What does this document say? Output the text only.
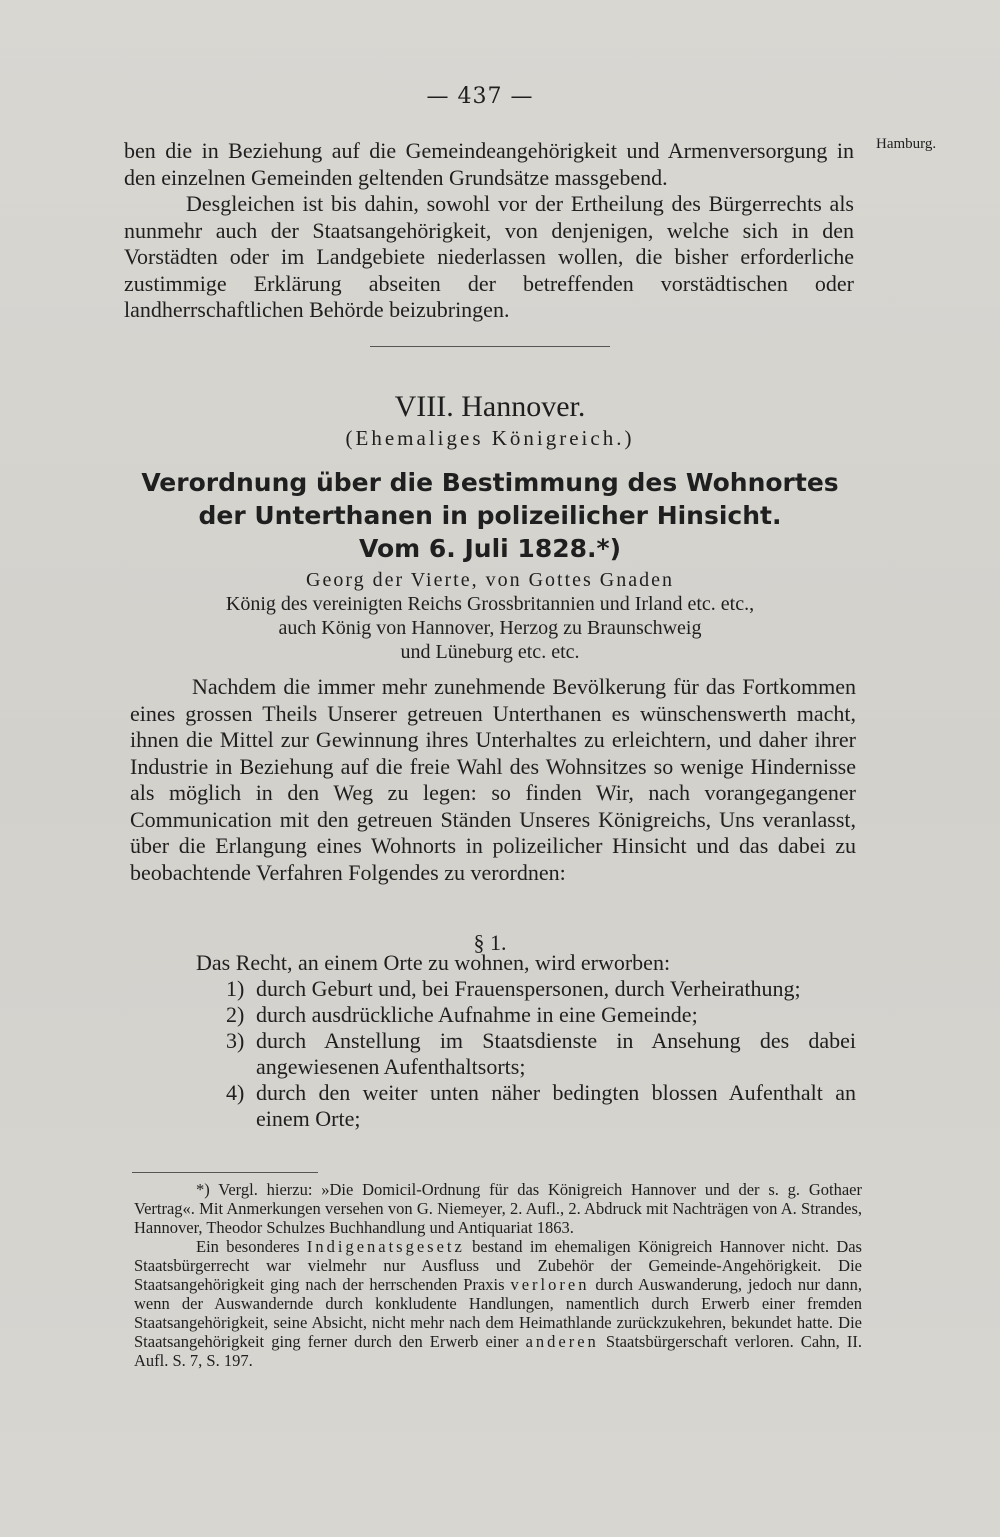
— 437 —
Hamburg.

ben die in Beziehung auf die Gemeindeangehörigkeit und Armenversorgung in den einzelnen Gemeinden geltenden Grundsätze massgebend.

Desgleichen ist bis dahin, sowohl vor der Ertheilung des Bürgerrechts als nunmehr auch der Staatsangehörigkeit, von denjenigen, welche sich in den Vorstädten oder im Landgebiete niederlassen wollen, die bisher erforderliche zustimmige Erklärung abseiten der betreffenden vorstädtischen oder landherrschaftlichen Behörde beizubringen.

VIII. Hannover.
(Ehemaliges Königreich.)
Verordnung über die Bestimmung des Wohnortes
der Unterthanen in polizeilicher Hinsicht.
Vom 6. Juli 1828.*)
Georg der Vierte, von Gottes Gnaden
König des vereinigten Reichs Grossbritannien und Irland etc. etc.,
auch König von Hannover, Herzog zu Braunschweig
und Lüneburg etc. etc.

Nachdem die immer mehr zunehmende Bevölkerung für das Fortkommen eines grossen Theils Unserer getreuen Unterthanen es wünschenswerth macht, ihnen die Mittel zur Gewinnung ihres Unterhaltes zu erleichtern, und daher ihrer Industrie in Beziehung auf die freie Wahl des Wohnsitzes so wenige Hindernisse als möglich in den Weg zu legen: so finden Wir, nach vorangegangener Communication mit den getreuen Ständen Unseres Königreichs, Uns veranlasst, über die Erlangung eines Wohnorts in polizeilicher Hinsicht und das dabei zu beobachtende Verfahren Folgendes zu verordnen:

§ 1.
Das Recht, an einem Orte zu wohnen, wird erworben:
1) durch Geburt und, bei Frauenspersonen, durch Verheirathung;
2) durch ausdrückliche Aufnahme in eine Gemeinde;
3) durch Anstellung im Staatsdienste in Ansehung des dabei angewiesenen Aufenthaltsorts;
4) durch den weiter unten näher bedingten blossen Aufenthalt an einem Orte;

*) Vergl. hierzu: »Die Domicil-Ordnung für das Königreich Hannover und der s. g. Gothaer Vertrag«. Mit Anmerkungen versehen von G. Niemeyer, 2. Aufl., 2. Abdruck mit Nachträgen von A. Strandes, Hannover, Theodor Schulzes Buchhandlung und Antiquariat 1863.

Ein besonderes Indigenatsgesetz bestand im ehemaligen Königreich Hannover nicht. Das Staatsbürgerrecht war vielmehr nur Ausfluss und Zubehör der Gemeinde-Angehörigkeit. Die Staatsangehörigkeit ging nach der herrschenden Praxis verloren durch Auswanderung, jedoch nur dann, wenn der Auswandernde durch konkludente Handlungen, namentlich durch Erwerb einer fremden Staatsangehörigkeit, seine Absicht, nicht mehr nach dem Heimathlande zurückzukehren, bekundet hatte. Die Staatsangehörigkeit ging ferner durch den Erwerb einer anderen Staatsbürgerschaft verloren. Cahn, II. Aufl. S. 7, S. 197.
